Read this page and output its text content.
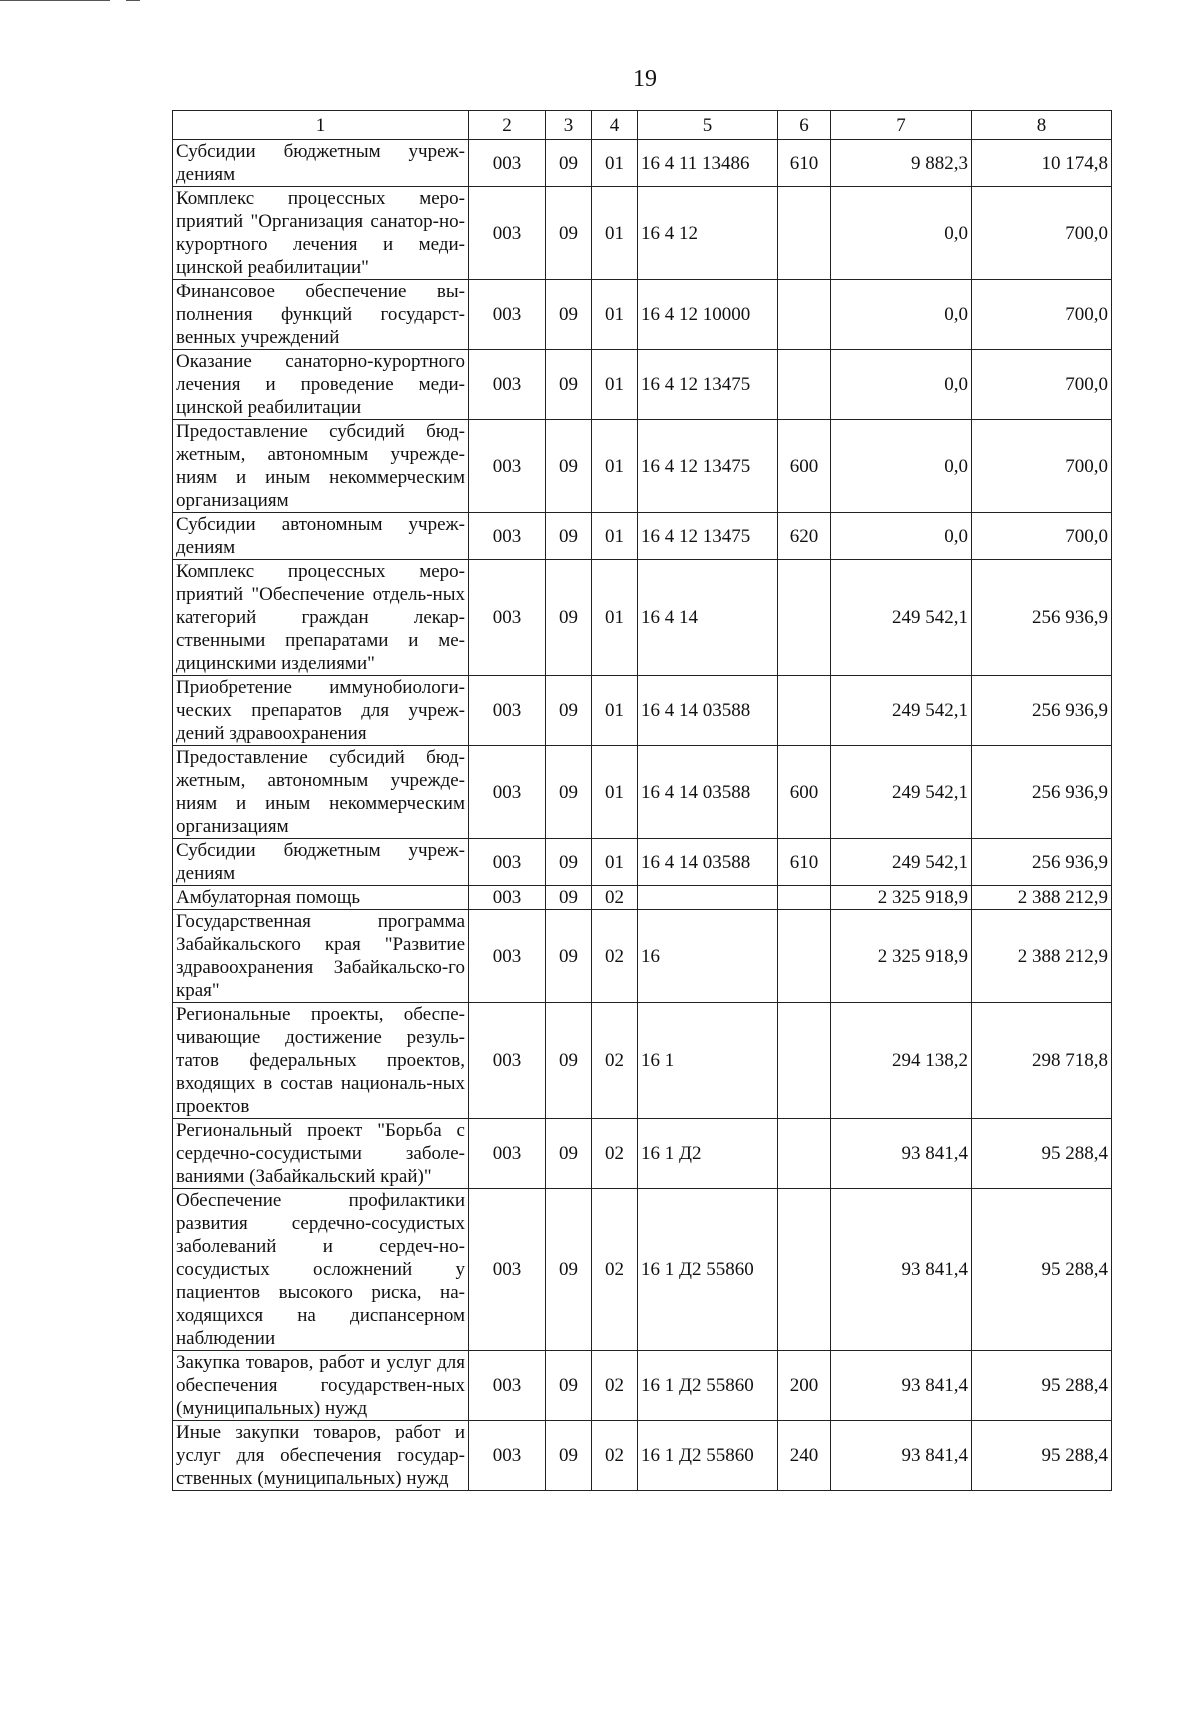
19
1	2	3	4	5	6	7	8
Субсидии бюджетным учреж-дениям	003	09	01	16 4 11 13486	610	9 882,3	10 174,8
Комплекс процессных меро-приятий "Организация санатор-но-курортного лечения и меди-цинской реабилитации"	003	09	01	16 4 12		0,0	700,0
Финансовое обеспечение вы-полнения функций государст-венных учреждений	003	09	01	16 4 12 10000		0,0	700,0
Оказание санаторно-курортного лечения и проведение меди-цинской реабилитации	003	09	01	16 4 12 13475		0,0	700,0
Предоставление субсидий бюд-жетным, автономным учрежде-ниям и иным некоммерческим организациям	003	09	01	16 4 12 13475	600	0,0	700,0
Субсидии автономным учреж-дениям	003	09	01	16 4 12 13475	620	0,0	700,0
Комплекс процессных меро-приятий "Обеспечение отдель-ных категорий граждан лекар-ственными препаратами и ме-дицинскими изделиями"	003	09	01	16 4 14		249 542,1	256 936,9
Приобретение иммунобиологи-ческих препаратов для учреж-дений здравоохранения	003	09	01	16 4 14 03588		249 542,1	256 936,9
Предоставление субсидий бюд-жетным, автономным учрежде-ниям и иным некоммерческим организациям	003	09	01	16 4 14 03588	600	249 542,1	256 936,9
Субсидии бюджетным учреж-дениям	003	09	01	16 4 14 03588	610	249 542,1	256 936,9
Амбулаторная помощь	003	09	02			2 325 918,9	2 388 212,9
Государственная программа Забайкальского края "Развитие здравоохранения Забайкальско-го края"	003	09	02	16		2 325 918,9	2 388 212,9
Региональные проекты, обеспе-чивающие достижение резуль-татов федеральных проектов, входящих в состав националь-ных проектов	003	09	02	16 1		294 138,2	298 718,8
Региональный проект "Борьба с сердечно-сосудистыми заболе-ваниями (Забайкальский край)"	003	09	02	16 1 Д2		93 841,4	95 288,4
Обеспечение профилактики развития сердечно-сосудистых заболеваний и сердеч-но-сосудистых осложнений у пациентов высокого риска, на-ходящихся на диспансерном наблюдении	003	09	02	16 1 Д2 55860		93 841,4	95 288,4
Закупка товаров, работ и услуг для обеспечения государствен-ных (муниципальных) нужд	003	09	02	16 1 Д2 55860	200	93 841,4	95 288,4
Иные закупки товаров, работ и услуг для обеспечения государ-ственных (муниципальных) нужд	003	09	02	16 1 Д2 55860	240	93 841,4	95 288,4
